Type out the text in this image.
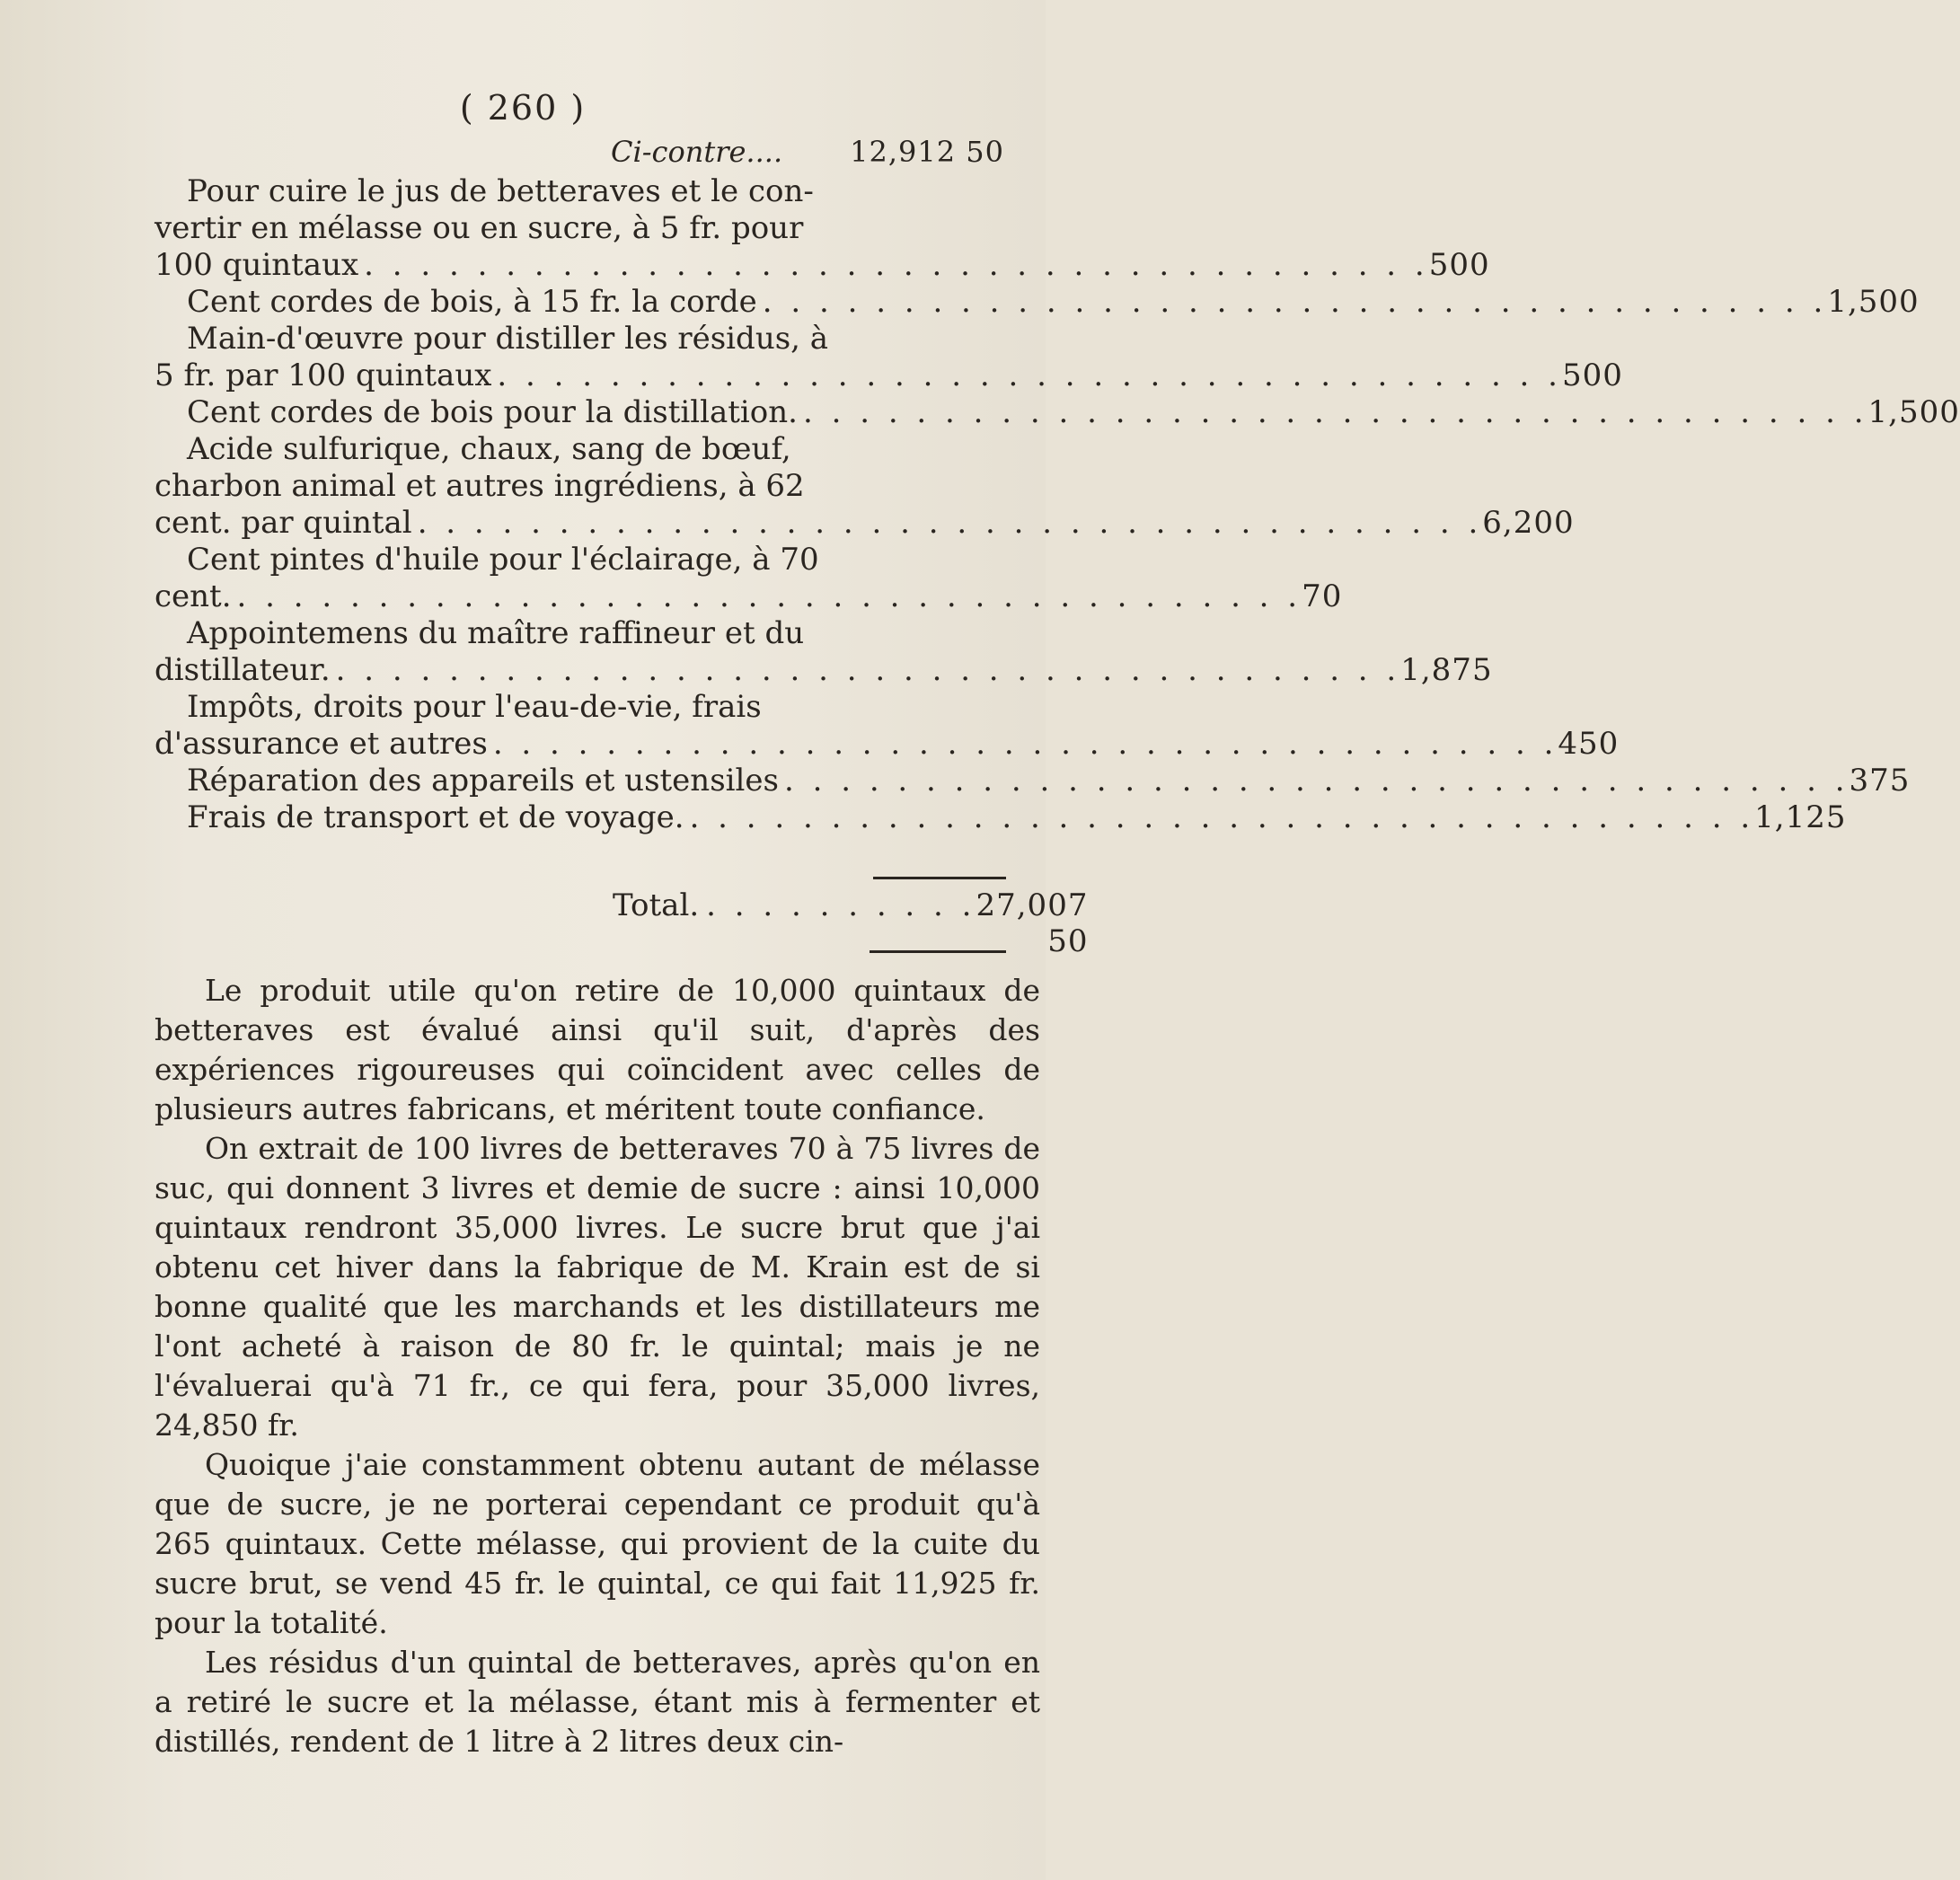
( 260 )
Ci-contre.... 12,912 50
Pour cuire le jus de betteraves et le con-
vertir en mélasse ou en sucre, à 5 fr. pour
100 quintaux . . . . . . . . . . . . . . . . . . . . . . . . . . . . . . . . . . . . . . 500
Cent cordes de bois, à 15 fr. la corde . . . . . . . . . . . . . . . . . . . . . . . . . . . . . . . . . . . . . . 1,500
Main-d'œuvre pour distiller les résidus, à
5 fr. par 100 quintaux . . . . . . . . . . . . . . . . . . . . . . . . . . . . . . . . . . . . . . 500
Cent cordes de bois pour la distillation. . . . . . . . . . . . . . . . . . . . . . . . . . . . . . . . . . . . . . . 1,500
Acide sulfurique, chaux, sang de bœuf,
charbon animal et autres ingrédiens, à 62
cent. par quintal . . . . . . . . . . . . . . . . . . . . . . . . . . . . . . . . . . . . . . 6,200
Cent pintes d'huile pour l'éclairage, à 70
cent. . . . . . . . . . . . . . . . . . . . . . . . . . . . . . . . . . . . . . . 70
Appointemens du maître raffineur et du
distillateur. . . . . . . . . . . . . . . . . . . . . . . . . . . . . . . . . . . . . . . 1,875
Impôts, droits pour l'eau-de-vie, frais
d'assurance et autres . . . . . . . . . . . . . . . . . . . . . . . . . . . . . . . . . . . . . . 450
Réparation des appareils et ustensiles . . . . . . . . . . . . . . . . . . . . . . . . . . . . . . . . . . . . . . 375
Frais de transport et de voyage. . . . . . . . . . . . . . . . . . . . . . . . . . . . . . . . . . . . . . . 1,125
Total. . . . . . . . . . . 27,007 50

Le produit utile qu'on retire de 10,000 quintaux de betteraves est évalué ainsi qu'il suit, d'après des expériences rigoureuses qui coïncident avec celles de plusieurs autres fabricans, et méritent toute confiance.

On extrait de 100 livres de betteraves 70 à 75 livres de suc, qui donnent 3 livres et demie de sucre : ainsi 10,000 quintaux rendront 35,000 livres. Le sucre brut que j'ai obtenu cet hiver dans la fabrique de M. Krain est de si bonne qualité que les marchands et les distillateurs me l'ont acheté à raison de 80 fr. le quintal; mais je ne l'évaluerai qu'à 71 fr., ce qui fera, pour 35,000 livres, 24,850 fr.

Quoique j'aie constamment obtenu autant de mélasse que de sucre, je ne porterai cependant ce produit qu'à 265 quintaux. Cette mélasse, qui provient de la cuite du sucre brut, se vend 45 fr. le quintal, ce qui fait 11,925 fr. pour la totalité.

Les résidus d'un quintal de betteraves, après qu'on en a retiré le sucre et la mélasse, étant mis à fermenter et distillés, rendent de 1 litre à 2 litres deux cin-
